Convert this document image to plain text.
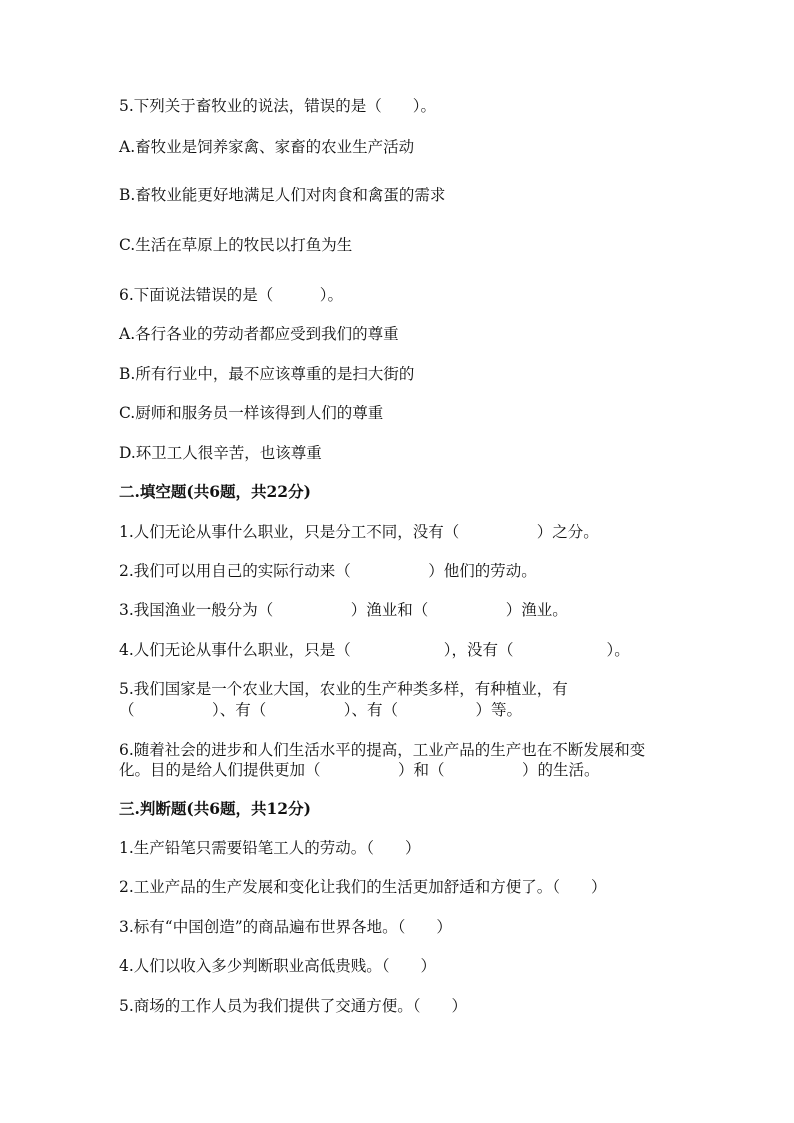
5.下列关于畜牧业的说法，错误的是（　　）。
A.畜牧业是饲养家禽、家畜的农业生产活动
B.畜牧业能更好地满足人们对肉食和禽蛋的需求
C.生活在草原上的牧民以打鱼为生
6.下面说法错误的是（　　　）。
A.各行各业的劳动者都应受到我们的尊重
B.所有行业中，最不应该尊重的是扫大街的
C.厨师和服务员一样该得到人们的尊重
D.环卫工人很辛苦，也该尊重
二.填空题(共6题，共22分)
1.人们无论从事什么职业，只是分工不同，没有（　　　　　）之分。
2.我们可以用自己的实际行动来（　　　　　）他们的劳动。
3.我国渔业一般分为（　　　　　）渔业和（　　　　　）渔业。
4.人们无论从事什么职业，只是（　　　　　　），没有（　　　　　　）。
5.我们国家是一个农业大国，农业的生产种类多样，有种植业，有
（　　　　　）、有（　　　　　）、有（　　　　　）等。
6.随着社会的进步和人们生活水平的提高，工业产品的生产也在不断发展和变
化。目的是给人们提供更加（　　　　　）和（　　　　　）的生活。
三.判断题(共6题，共12分)
1.生产铅笔只需要铅笔工人的劳动。（　　）
2.工业产品的生产发展和变化让我们的生活更加舒适和方便了。（　　）
3.标有“中国创造”的商品遍布世界各地。（　　）
4.人们以收入多少判断职业高低贵贱。（　　）
5.商场的工作人员为我们提供了交通方便。（　　）
